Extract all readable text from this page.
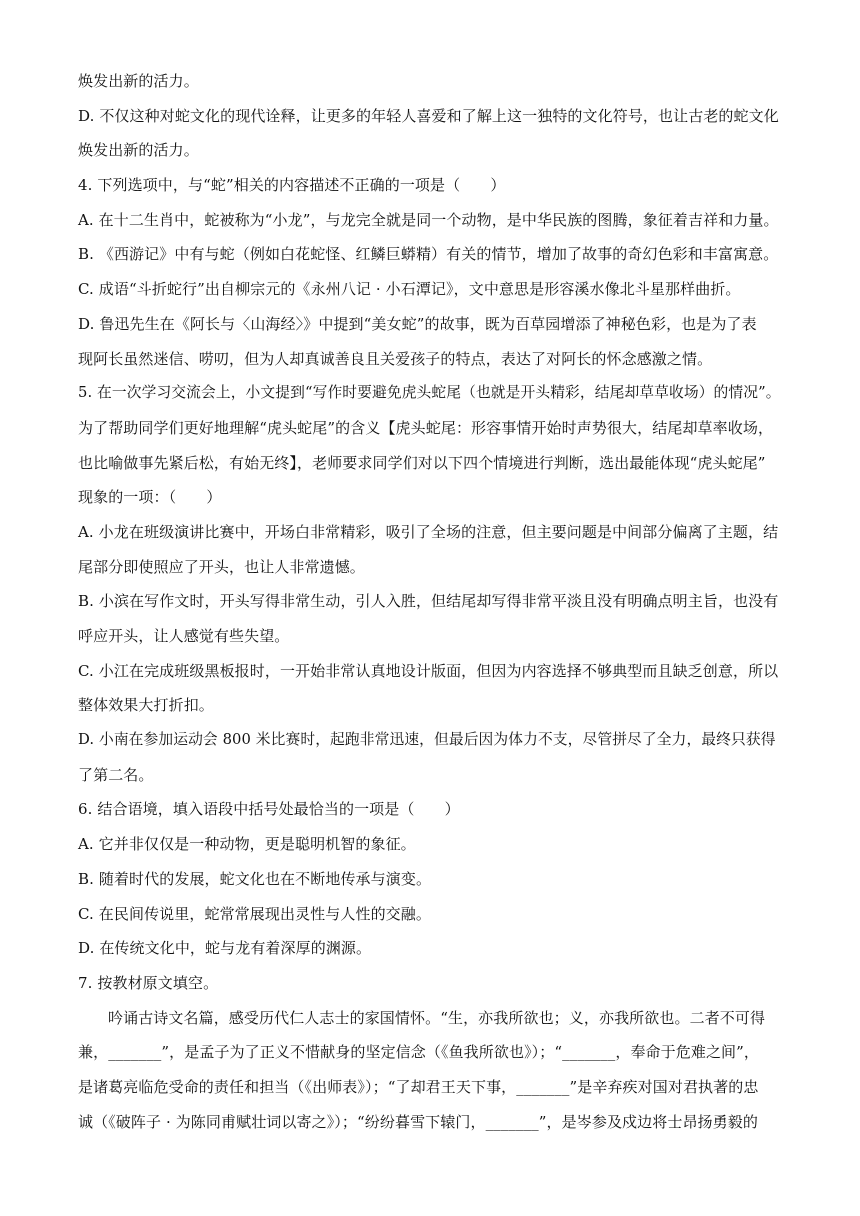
焕发出新的活力。
D. 不仅这种对蛇文化的现代诠释，让更多的年轻人喜爱和了解上这一独特的文化符号，也让古老的蛇文化
焕发出新的活力。
4. 下列选项中，与“蛇”相关的内容描述不正确的一项是（　　）
A. 在十二生肖中，蛇被称为“小龙”，与龙完全就是同一个动物，是中华民族的图腾，象征着吉祥和力量。
B. 《西游记》中有与蛇（例如白花蛇怪、红鳞巨蟒精）有关的情节，增加了故事的奇幻色彩和丰富寓意。
C. 成语“斗折蛇行”出自柳宗元的《永州八记 · 小石潭记》，文中意思是形容溪水像北斗星那样曲折。
D. 鲁迅先生在《阿长与〈山海经〉》中提到“美女蛇”的故事，既为百草园增添了神秘色彩，也是为了表
现阿长虽然迷信、唠叨，但为人却真诚善良且关爱孩子的特点，表达了对阿长的怀念感激之情。
5. 在一次学习交流会上，小文提到“写作时要避免虎头蛇尾（也就是开头精彩，结尾却草草收场）的情况”。
为了帮助同学们更好地理解“虎头蛇尾”的含义【虎头蛇尾：形容事情开始时声势很大，结尾却草率收场，
也比喻做事先紧后松，有始无终】，老师要求同学们对以下四个情境进行判断，选出最能体现“虎头蛇尾”
现象的一项：（　　）
A. 小龙在班级演讲比赛中，开场白非常精彩，吸引了全场的注意，但主要问题是中间部分偏离了主题，结
尾部分即使照应了开头，也让人非常遗憾。
B. 小滨在写作文时，开头写得非常生动，引人入胜，但结尾却写得非常平淡且没有明确点明主旨，也没有
呼应开头，让人感觉有些失望。
C. 小江在完成班级黑板报时，一开始非常认真地设计版面，但因为内容选择不够典型而且缺乏创意，所以
整体效果大打折扣。
D. 小南在参加运动会 800 米比赛时，起跑非常迅速，但最后因为体力不支，尽管拼尽了全力，最终只获得
了第二名。
6. 结合语境，填入语段中括号处最恰当的一项是（　　）
A. 它并非仅仅是一种动物，更是聪明机智的象征。
B. 随着时代的发展，蛇文化也在不断地传承与演变。
C. 在民间传说里，蛇常常展现出灵性与人性的交融。
D. 在传统文化中，蛇与龙有着深厚的渊源。
7. 按教材原文填空。
吟诵古诗文名篇，感受历代仁人志士的家国情怀。“生，亦我所欲也；义，亦我所欲也。二者不可得
兼，_______”，是孟子为了正义不惜献身的坚定信念（《鱼我所欲也》）；“_______，奉命于危难之间”，
是诸葛亮临危受命的责任和担当（《出师表》）；“了却君王天下事，_______”是辛弃疾对国对君执著的忠
诚（《破阵子 · 为陈同甫赋壮词以寄之》）；“纷纷暮雪下辕门，_______”，是岑参及戍边将士昂扬勇毅的
